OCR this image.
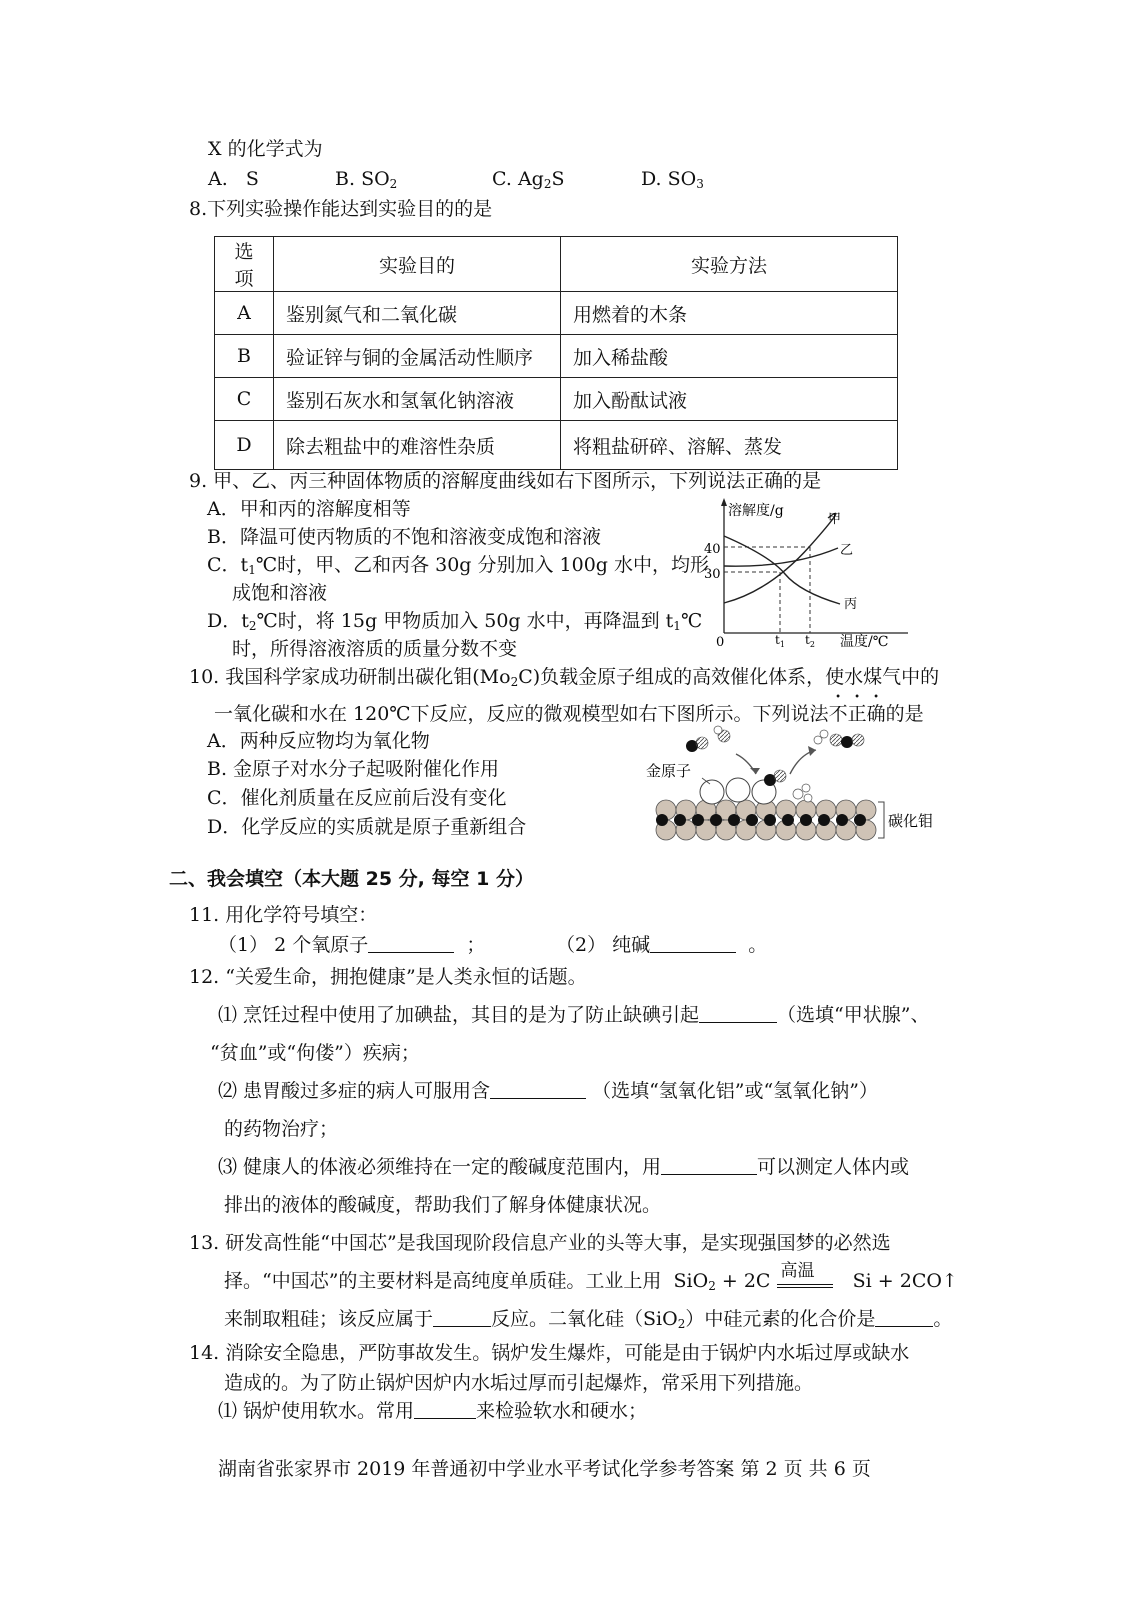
X 的化学式为
A. S	B. $SO_2$	C. $Ag_2S$	D. $SO_3$
8.下列实验操作能达到实验目的的是
选项	实验目的	实验方法
A	鉴别氮气和二氧化碳	用燃着的木条
B	验证锌与铜的金属活动性顺序	加入稀盐酸
C	鉴别石灰水和氢氧化钠溶液	加入酚酞试液
D	除去粗盐中的难溶性杂质	将粗盐研碎、溶解、蒸发
9. 甲、乙、丙三种固体物质的溶解度曲线如右下图所示，下列说法正确的是
A．甲和丙的溶解度相等
B．降温可使丙物质的不饱和溶液变成饱和溶液
C．$t_1℃$时，甲、乙和丙各 30g 分别加入 100g 水中，均形
成饱和溶液
D．$t_2℃$时，将 15g 甲物质加入 50g 水中，再降温到 $t_1℃$
时，所得溶液溶质的质量分数不变
溶解度/g
温度/℃
0
40
30
甲
乙
丙
$t_1$ $t_2$
10. 我国科学家成功研制出碳化钼$(Mo_2C)$负载金原子组成的高效催化体系，使水煤气中的
一氧化碳和水在 120℃下反应，反应的微观模型如右下图所示。下列说法不正确的是
A．两种反应物均为氧化物
B. 金原子对水分子起吸附催化作用
C．催化剂质量在反应前后没有变化
D．化学反应的实质就是原子重新组合
金原子
碳化钼
二、我会填空（本大题 25 分, 每空 1 分）
11. 用化学符号填空：
（1） 2 个氧原子	；	（2） 纯碱	。
12. “关爱生命，拥抱健康”是人类永恒的话题。
⑴ 烹饪过程中使用了加碘盐，其目的是为了防止缺碘引起	（选填“甲状腺”、
“贫血”或“佝偻”）疾病；
⑵ 患胃酸过多症的病人可服用含	（选填“氢氧化铝”或“氢氧化钠”）
的药物治疗；
⑶ 健康人的体液必须维持在一定的酸碱度范围内，用	可以测定人体内或
排出的液体的酸碱度，帮助我们了解身体健康状况。
13. 研发高性能“中国芯”是我国现阶段信息产业的头等大事，是实现强国梦的必然选
择。“中国芯”的主要材料是高纯度单质硅。工业上用 SiO$_2$ + 2C 高温 Si + 2CO↑
来制取粗硅；该反应属于	反应。二氧化硅（SiO$_2$）中硅元素的化合价是	。
14. 消除安全隐患，严防事故发生。锅炉发生爆炸，可能是由于锅炉内水垢过厚或缺水
造成的。为了防止锅炉因炉内水垢过厚而引起爆炸，常采用下列措施。
⑴ 锅炉使用软水。常用	来检验软水和硬水；
湖南省张家界市 2019 年普通初中学业水平考试化学参考答案 第 2 页 共 6 页
